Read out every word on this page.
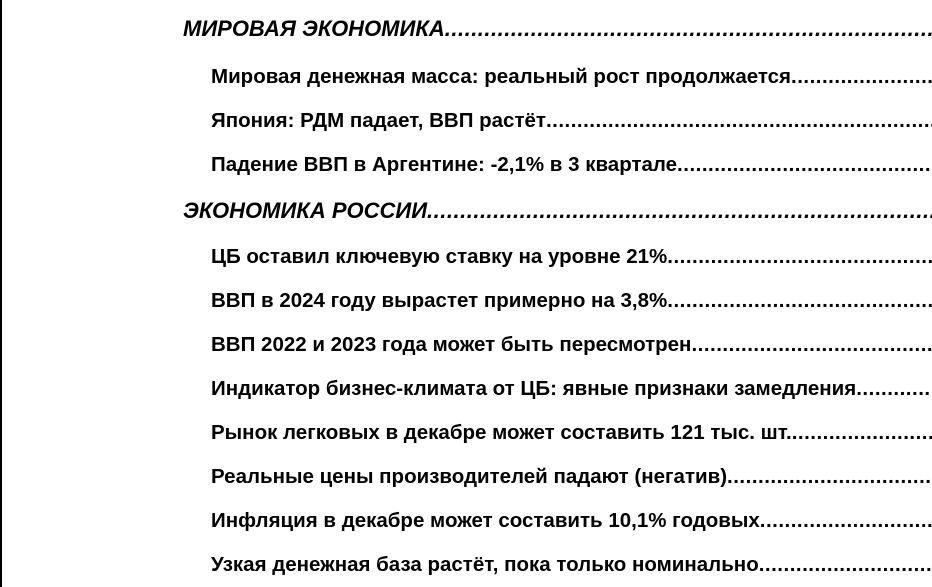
МИРОВАЯ ЭКОНОМИКА
.....
Мировая денежная масса: реальный рост продолжается
.....
Япония: РДМ падает, ВВП растёт
.....
Падение ВВП в Аргентине: -2,1% в 3 квартале
.....
ЭКОНОМИКА РОССИИ
.....
ЦБ оставил ключевую ставку на уровне 21%
.....
ВВП в 2024 году вырастет примерно на 3,8%
.....
ВВП 2022 и 2023 года может быть пересмотрен
.....
Индикатор бизнес-климата от ЦБ: явные признаки замедления
.....
Рынок легковых в декабре может составить 121 тыс. шт.
.....
Реальные цены производителей падают (негатив)
.....
Инфляция в декабре может составить 10,1% годовых
.....
Узкая денежная база растёт, пока только номинально
.....
